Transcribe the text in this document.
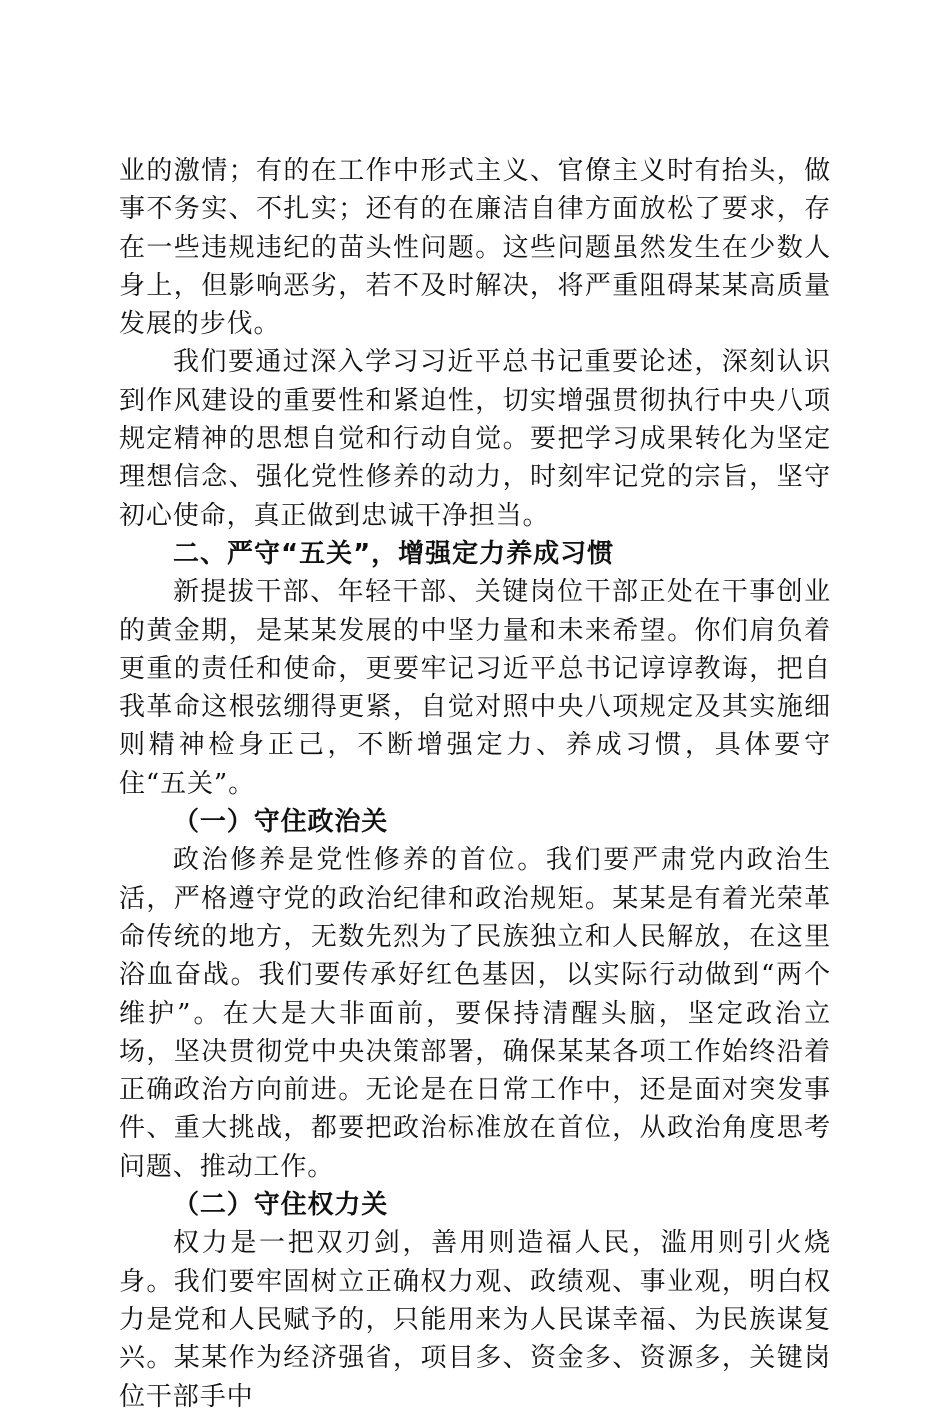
业的激情；有的在工作中形式主义、官僚主义时有抬头，做事不务实、不扎实；还有的在廉洁自律方面放松了要求，存在一些违规违纪的苗头性问题。这些问题虽然发生在少数人身上，但影响恶劣，若不及时解决，将严重阻碍某某高质量发展的步伐。

我们要通过深入学习习近平总书记重要论述，深刻认识到作风建设的重要性和紧迫性，切实增强贯彻执行中央八项规定精神的思想自觉和行动自觉。要把学习成果转化为坚定理想信念、强化党性修养的动力，时刻牢记党的宗旨，坚守初心使命，真正做到忠诚干净担当。

二、严守“五关”，增强定力养成习惯

新提拔干部、年轻干部、关键岗位干部正处在干事创业的黄金期，是某某发展的中坚力量和未来希望。你们肩负着更重的责任和使命，更要牢记习近平总书记谆谆教诲，把自我革命这根弦绷得更紧，自觉对照中央八项规定及其实施细则精神检身正己，不断增强定力、养成习惯，具体要守住“五关”。

（一）守住政治关

政治修养是党性修养的首位。我们要严肃党内政治生活，严格遵守党的政治纪律和政治规矩。某某是有着光荣革命传统的地方，无数先烈为了民族独立和人民解放，在这里浴血奋战。我们要传承好红色基因，以实际行动做到“两个维护”。在大是大非面前，要保持清醒头脑，坚定政治立场，坚决贯彻党中央决策部署，确保某某各项工作始终沿着正确政治方向前进。无论是在日常工作中，还是面对突发事件、重大挑战，都要把政治标准放在首位，从政治角度思考问题、推动工作。

（二）守住权力关

权力是一把双刃剑，善用则造福人民，滥用则引火烧身。我们要牢固树立正确权力观、政绩观、事业观，明白权力是党和人民赋予的，只能用来为人民谋幸福、为民族谋复兴。某某作为经济强省，项目多、资金多、资源多，关键岗位干部手中
